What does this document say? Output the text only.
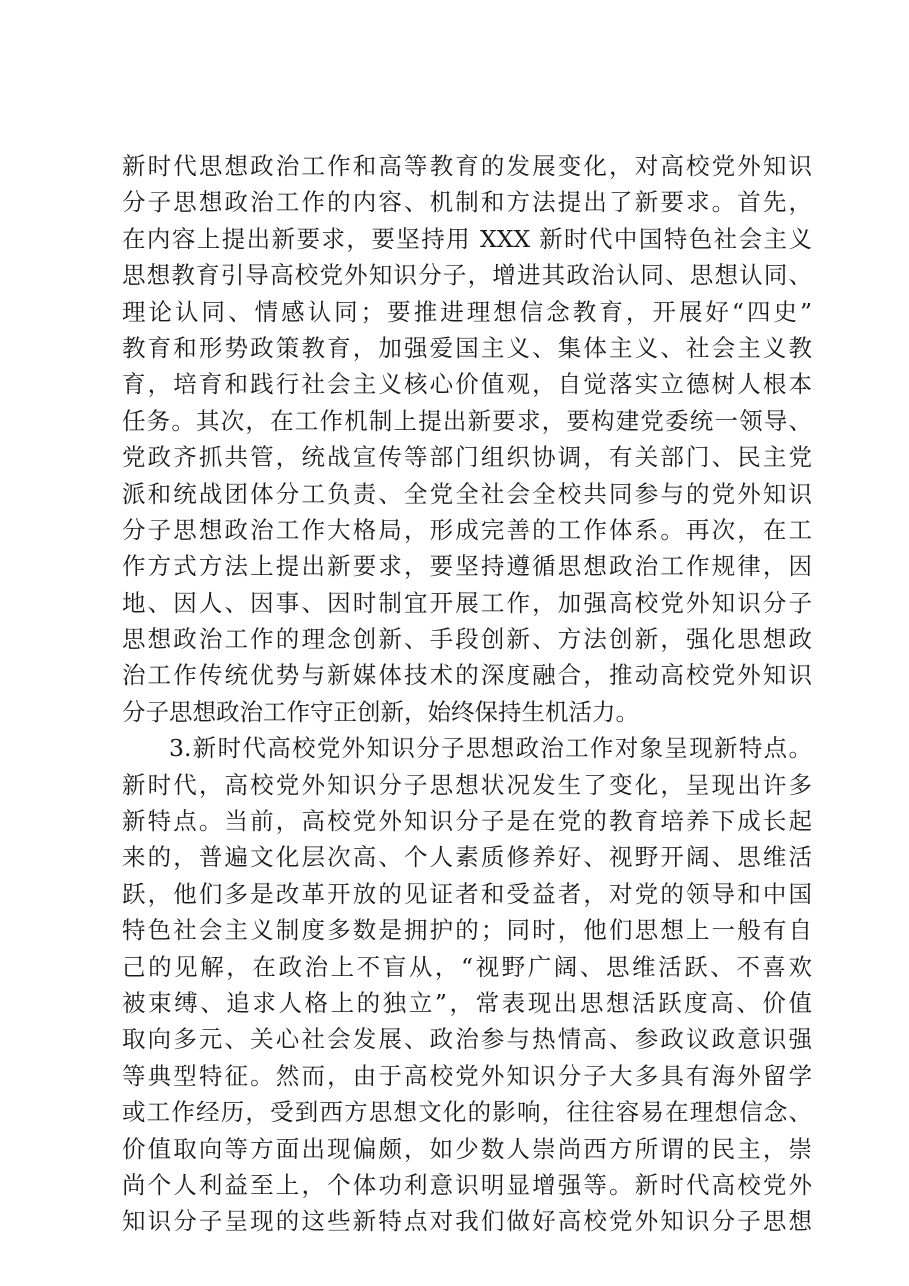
新时代思想政治工作和高等教育的发展变化，对高校党外知识
分子思想政治工作的内容、机制和方法提出了新要求。首先，
在内容上提出新要求，要坚持用 XXX 新时代中国特色社会主义
思想教育引导高校党外知识分子，增进其政治认同、思想认同、
理论认同、情感认同；要推进理想信念教育，开展好“四史”
教育和形势政策教育，加强爱国主义、集体主义、社会主义教
育，培育和践行社会主义核心价值观，自觉落实立德树人根本
任务。其次，在工作机制上提出新要求，要构建党委统一领导、
党政齐抓共管，统战宣传等部门组织协调，有关部门、民主党
派和统战团体分工负责、全党全社会全校共同参与的党外知识
分子思想政治工作大格局，形成完善的工作体系。再次，在工
作方式方法上提出新要求，要坚持遵循思想政治工作规律，因
地、因人、因事、因时制宜开展工作，加强高校党外知识分子
思想政治工作的理念创新、手段创新、方法创新，强化思想政
治工作传统优势与新媒体技术的深度融合，推动高校党外知识
分子思想政治工作守正创新，始终保持生机活力。
3.新时代高校党外知识分子思想政治工作对象呈现新特点。
新时代，高校党外知识分子思想状况发生了变化，呈现出许多
新特点。当前，高校党外知识分子是在党的教育培养下成长起
来的，普遍文化层次高、个人素质修养好、视野开阔、思维活
跃，他们多是改革开放的见证者和受益者，对党的领导和中国
特色社会主义制度多数是拥护的；同时，他们思想上一般有自
己的见解，在政治上不盲从，“视野广阔、思维活跃、不喜欢
被束缚、追求人格上的独立”，常表现出思想活跃度高、价值
取向多元、关心社会发展、政治参与热情高、参政议政意识强
等典型特征。然而，由于高校党外知识分子大多具有海外留学
或工作经历，受到西方思想文化的影响，往往容易在理想信念、
价值取向等方面出现偏颇，如少数人崇尚西方所谓的民主，崇
尚个人利益至上，个体功利意识明显增强等。新时代高校党外
知识分子呈现的这些新特点对我们做好高校党外知识分子思想
